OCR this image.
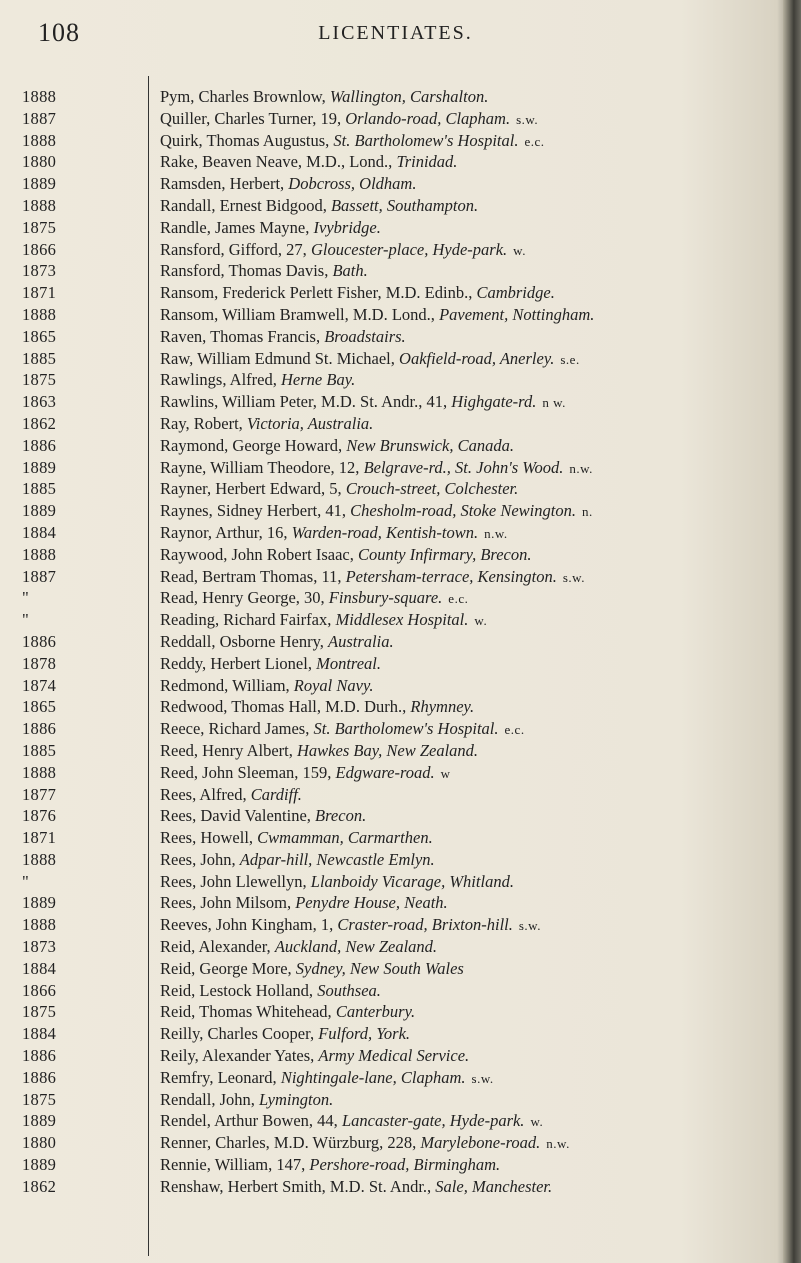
108	LICENTIATES.
1888	Pym, Charles Brownlow, Wallington, Carshalton.
1887	Quiller, Charles Turner, 19, Orlando-road, Clapham. s.w.
1888	Quirk, Thomas Augustus, St. Bartholomew's Hospital. e.c.
1880	Rake, Beaven Neave, M.D., Lond., Trinidad.
1889	Ramsden, Herbert, Dobcross, Oldham.
1888	Randall, Ernest Bidgood, Bassett, Southampton.
1875	Randle, James Mayne, Ivybridge.
1866	Ransford, Gifford, 27, Gloucester-place, Hyde-park. w.
1873	Ransford, Thomas Davis, Bath.
1871	Ransom, Frederick Perlett Fisher, M.D. Edinb., Cambridge.
1888	Ransom, William Bramwell, M.D. Lond., Pavement, Nottingham.
1865	Raven, Thomas Francis, Broadstairs.
1885	Raw, William Edmund St. Michael, Oakfield-road, Anerley. s.e.
1875	Rawlings, Alfred, Herne Bay.
1863	Rawlins, William Peter, M.D. St. Andr., 41, Highgate-rd. n w.
1862	Ray, Robert, Victoria, Australia.
1886	Raymond, George Howard, New Brunswick, Canada.
1889	Rayne, William Theodore, 12, Belgrave-rd., St. John's Wood. n.w.
1885	Rayner, Herbert Edward, 5, Crouch-street, Colchester.
1889	Raynes, Sidney Herbert, 41, Chesholm-road, Stoke Newington. n.
1884	Raynor, Arthur, 16, Warden-road, Kentish-town. n.w.
1888	Raywood, John Robert Isaac, County Infirmary, Brecon.
1887	Read, Bertram Thomas, 11, Petersham-terrace, Kensington. s.w.
"	Read, Henry George, 30, Finsbury-square. e.c.
"	Reading, Richard Fairfax, Middlesex Hospital. w.
1886	Reddall, Osborne Henry, Australia.
1878	Reddy, Herbert Lionel, Montreal.
1874	Redmond, William, Royal Navy.
1865	Redwood, Thomas Hall, M.D. Durh., Rhymney.
1886	Reece, Richard James, St. Bartholomew's Hospital. e.c.
1885	Reed, Henry Albert, Hawkes Bay, New Zealand.
1888	Reed, John Sleeman, 159, Edgware-road. w
1877	Rees, Alfred, Cardiff.
1876	Rees, David Valentine, Brecon.
1871	Rees, Howell, Cwmamman, Carmarthen.
1888	Rees, John, Adpar-hill, Newcastle Emlyn.
"	Rees, John Llewellyn, Llanboidy Vicarage, Whitland.
1889	Rees, John Milsom, Penydre House, Neath.
1888	Reeves, John Kingham, 1, Craster-road, Brixton-hill. s.w.
1873	Reid, Alexander, Auckland, New Zealand.
1884	Reid, George More, Sydney, New South Wales
1866	Reid, Lestock Holland, Southsea.
1875	Reid, Thomas Whitehead, Canterbury.
1884	Reilly, Charles Cooper, Fulford, York.
1886	Reily, Alexander Yates, Army Medical Service.
1886	Remfry, Leonard, Nightingale-lane, Clapham. s.w.
1875	Rendall, John, Lymington.
1889	Rendel, Arthur Bowen, 44, Lancaster-gate, Hyde-park. w.
1880	Renner, Charles, M.D. Würzburg, 228, Marylebone-road. n.w.
1889	Rennie, William, 147, Pershore-road, Birmingham.
1862	Renshaw, Herbert Smith, M.D. St. Andr., Sale, Manchester.
